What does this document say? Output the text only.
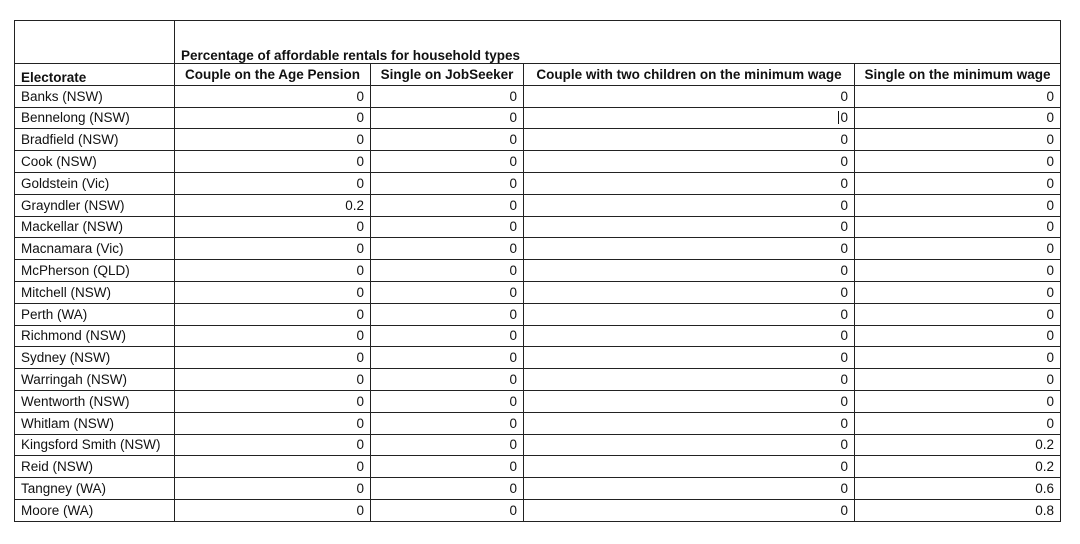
	Percentage of affordable rentals for household types			
Electorate	Couple on the Age Pension	Single on JobSeeker	Couple with two children on the minimum wage	Single on the minimum wage
Banks (NSW)	0	0	0	0
Bennelong (NSW)	0	0	0	0
Bradfield (NSW)	0	0	0	0
Cook (NSW)	0	0	0	0
Goldstein (Vic)	0	0	0	0
Grayndler (NSW)	0.2	0	0	0
Mackellar (NSW)	0	0	0	0
Macnamara (Vic)	0	0	0	0
McPherson (QLD)	0	0	0	0
Mitchell (NSW)	0	0	0	0
Perth (WA)	0	0	0	0
Richmond (NSW)	0	0	0	0
Sydney (NSW)	0	0	0	0
Warringah (NSW)	0	0	0	0
Wentworth (NSW)	0	0	0	0
Whitlam (NSW)	0	0	0	0
Kingsford Smith (NSW)	0	0	0	0.2
Reid (NSW)	0	0	0	0.2
Tangney (WA)	0	0	0	0.6
Moore (WA)	0	0	0	0.8
